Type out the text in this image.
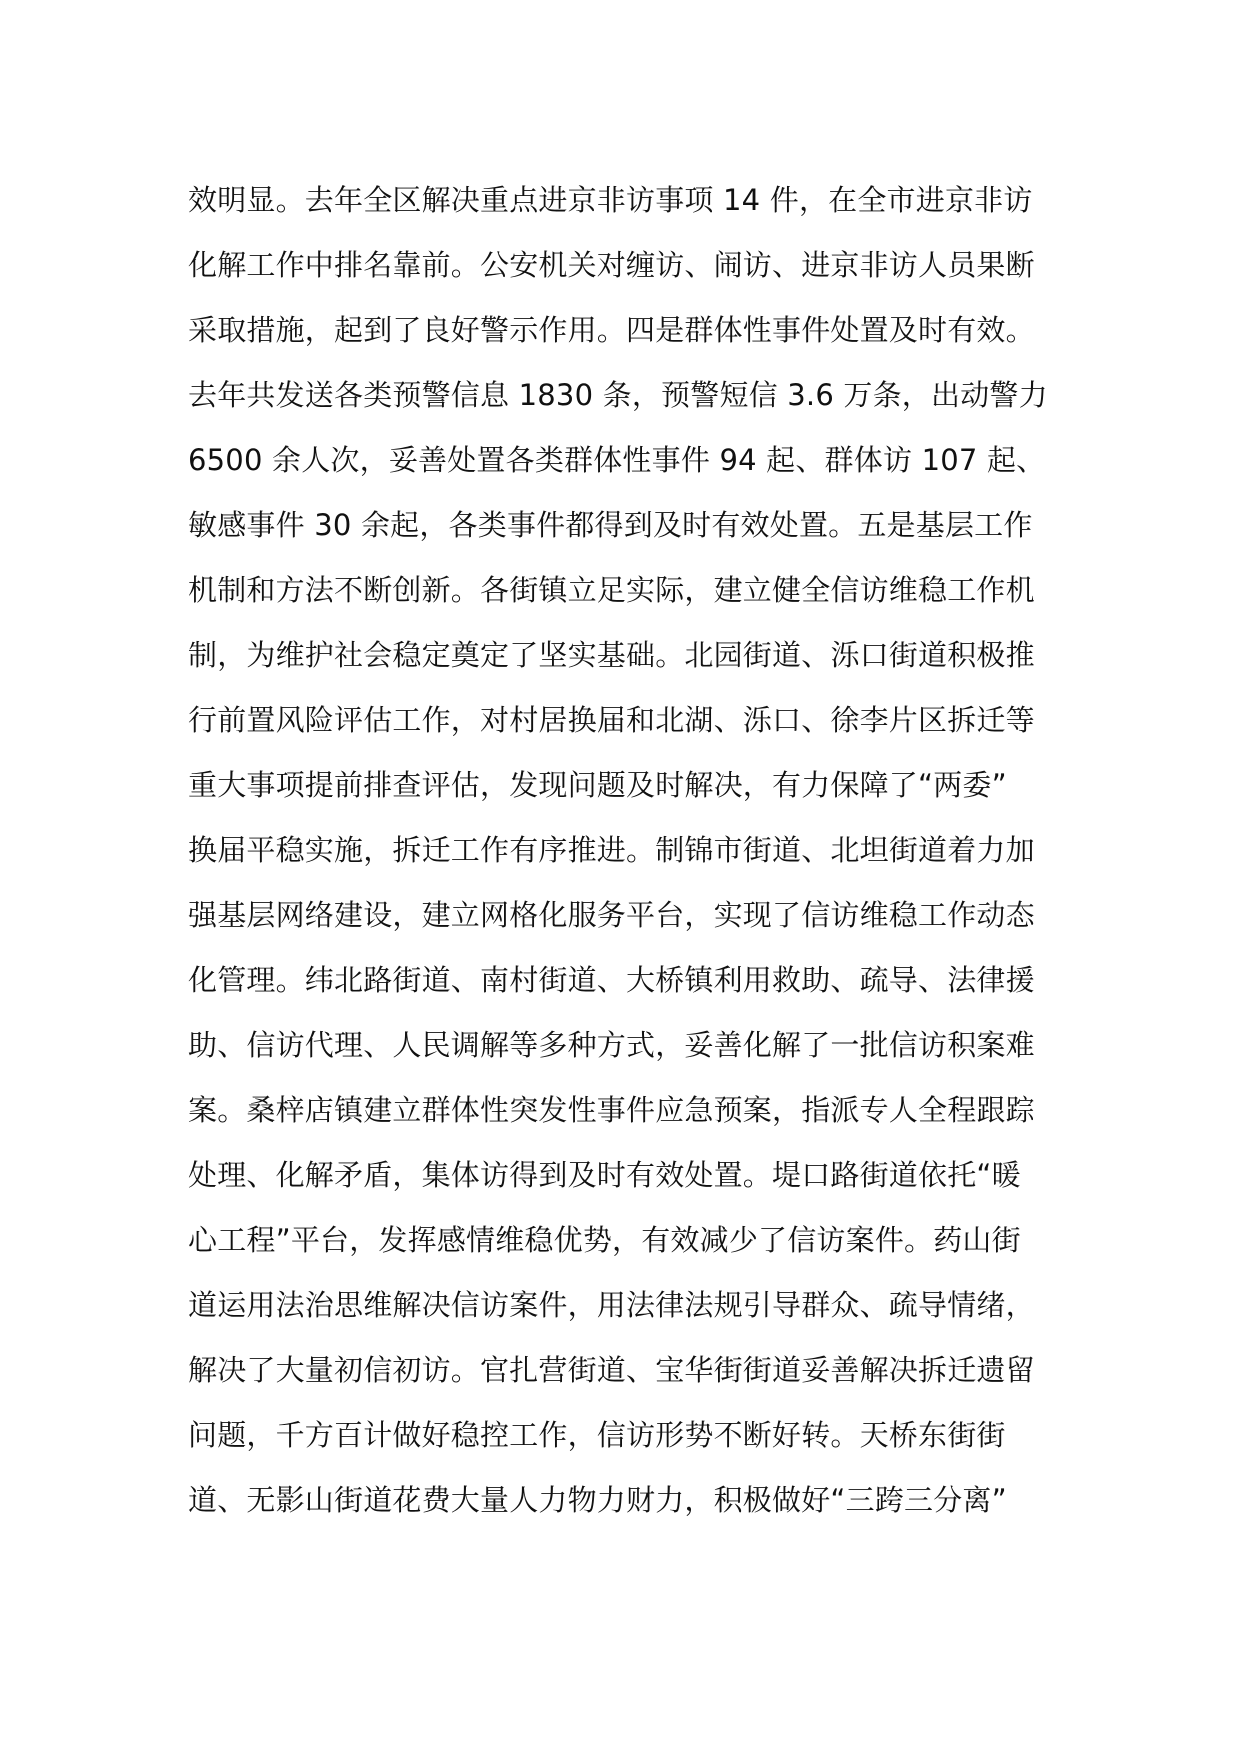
效明显。去年全区解决重点进京非访事项 14 件，在全市进京非访
化解工作中排名靠前。公安机关对缠访、闹访、进京非访人员果断
采取措施，起到了良好警示作用。四是群体性事件处置及时有效。
去年共发送各类预警信息 1830 条，预警短信 3.6 万条，出动警力
6500 余人次，妥善处置各类群体性事件 94 起、群体访 107 起、
敏感事件 30 余起，各类事件都得到及时有效处置。五是基层工作
机制和方法不断创新。各街镇立足实际，建立健全信访维稳工作机
制，为维护社会稳定奠定了坚实基础。北园街道、泺口街道积极推
行前置风险评估工作，对村居换届和北湖、泺口、徐李片区拆迁等
重大事项提前排查评估，发现问题及时解决，有力保障了“两委”
换届平稳实施，拆迁工作有序推进。制锦市街道、北坦街道着力加
强基层网络建设，建立网格化服务平台，实现了信访维稳工作动态
化管理。纬北路街道、南村街道、大桥镇利用救助、疏导、法律援
助、信访代理、人民调解等多种方式，妥善化解了一批信访积案难
案。桑梓店镇建立群体性突发性事件应急预案，指派专人全程跟踪
处理、化解矛盾，集体访得到及时有效处置。堤口路街道依托“暖
心工程”平台，发挥感情维稳优势，有效减少了信访案件。药山街
道运用法治思维解决信访案件，用法律法规引导群众、疏导情绪，
解决了大量初信初访。官扎营街道、宝华街街道妥善解决拆迁遗留
问题，千方百计做好稳控工作，信访形势不断好转。天桥东街街
道、无影山街道花费大量人力物力财力，积极做好“三跨三分离”
